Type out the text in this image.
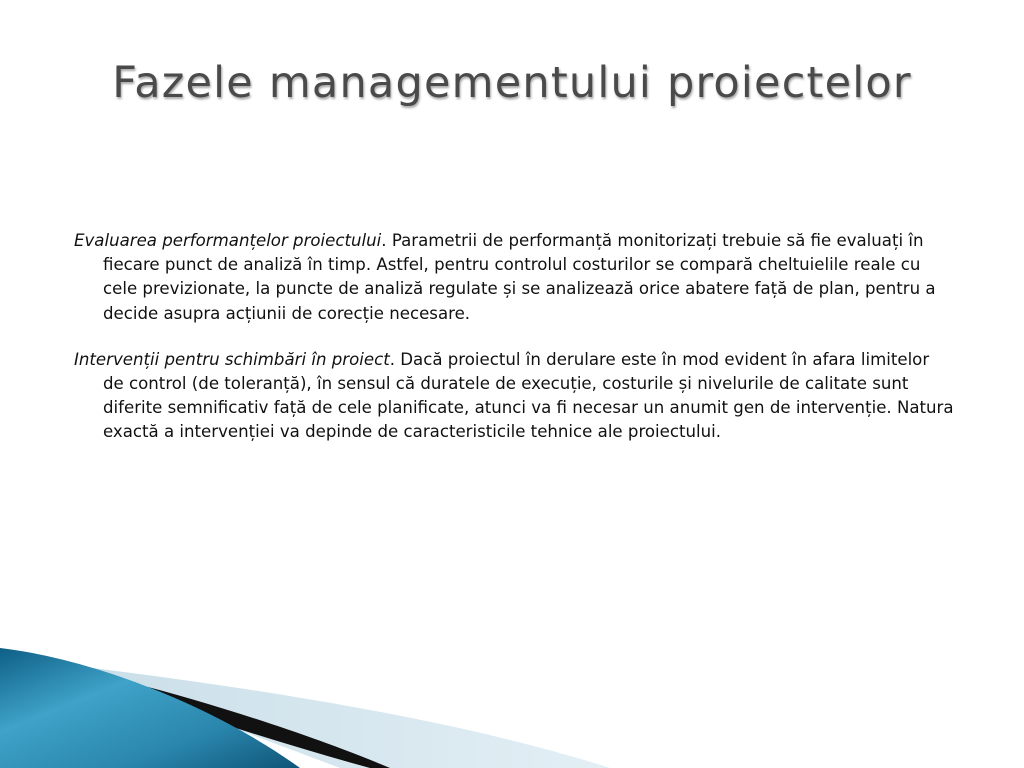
Fazele managementului proiectelor

Evaluarea performanțelor proiectului. Parametrii de performanță monitorizați trebuie să fie evaluați în fiecare punct de analiză în timp. Astfel, pentru controlul costurilor se compară cheltuielile reale cu cele previzionate, la puncte de analiză regulate și se analizează orice abatere față de plan, pentru a decide asupra acțiunii de corecție necesare.

Intervenții pentru schimbări în proiect. Dacă proiectul în derulare este în mod evident în afara limitelor de control (de toleranță), în sensul că duratele de execuție, costurile și nivelurile de calitate sunt diferite semnificativ față de cele planificate, atunci va fi necesar un anumit gen de intervenție. Natura exactă a intervenției va depinde de caracteristicile tehnice ale proiectului.
